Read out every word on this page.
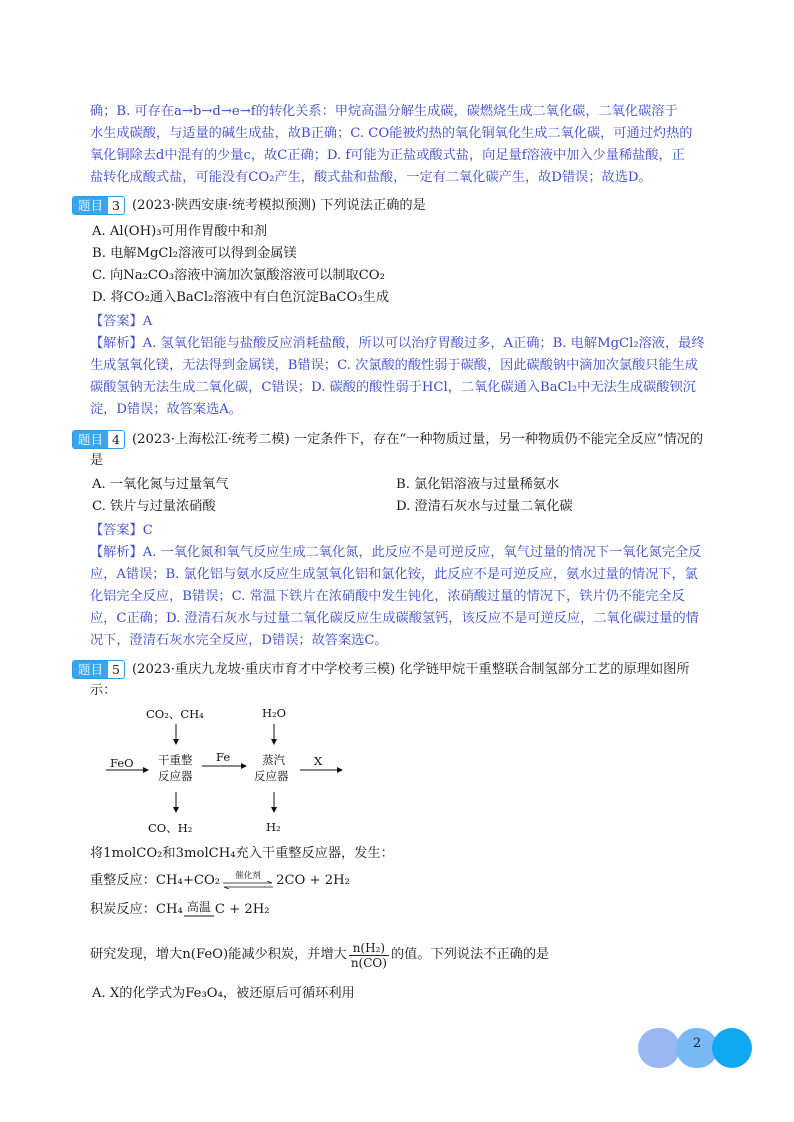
确；B. 可存在a→b→d→e→f的转化关系：甲烷高温分解生成碳，碳燃烧生成二氧化碳，二氧化碳溶于
水生成碳酸，与适量的碱生成盐，故B正确；C. CO能被灼热的氧化铜氧化生成二氧化碳，可通过灼热的
氧化铜除去d中混有的少量c，故C正确；D. f可能为正盐或酸式盐，向足量f溶液中加入少量稀盐酸，正
盐转化成酸式盐，可能没有CO₂产生，酸式盐和盐酸，一定有二氧化碳产生，故D错误；故选D。
题目 3 (2023·陕西安康·统考模拟预测) 下列说法正确的是
A. Al(OH)₃可用作胃酸中和剂
B. 电解MgCl₂溶液可以得到金属镁
C. 向Na₂CO₃溶液中滴加次氯酸溶液可以制取CO₂
D. 将CO₂通入BaCl₂溶液中有白色沉淀BaCO₃生成
【答案】A
【解析】A. 氢氧化铝能与盐酸反应消耗盐酸，所以可以治疗胃酸过多，A正确；B. 电解MgCl₂溶液，最终
生成氢氧化镁，无法得到金属镁，B错误；C. 次氯酸的酸性弱于碳酸，因此碳酸钠中滴加次氯酸只能生成
碳酸氢钠无法生成二氧化碳，C错误；D. 碳酸的酸性弱于HCl，二氧化碳通入BaCl₂中无法生成碳酸钡沉
淀，D错误；故答案选A。
题目 4 (2023·上海松江·统考二模) 一定条件下，存在“一种物质过量，另一种物质仍不能完全反应”情况的
是
A. 一氧化氮与过量氧气	B. 氯化铝溶液与过量稀氨水
C. 铁片与过量浓硝酸	D. 澄清石灰水与过量二氧化碳
【答案】C
【解析】A. 一氧化氮和氧气反应生成二氧化氮，此反应不是可逆反应，氧气过量的情况下一氧化氮完全反
应，A错误；B. 氯化铝与氨水反应生成氢氧化铝和氯化铵，此反应不是可逆反应，氨水过量的情况下，氯
化铝完全反应，B错误；C. 常温下铁片在浓硝酸中发生钝化，浓硝酸过量的情况下，铁片仍不能完全反
应，C正确；D. 澄清石灰水与过量二氧化碳反应生成碳酸氢钙，该反应不是可逆反应，二氧化碳过量的情
况下，澄清石灰水完全反应，D错误；故答案选C。
题目 5 (2023·重庆九龙坡·重庆市育才中学校考三模) 化学链甲烷干重整联合制氢部分工艺的原理如图所
示：
CO₂、CH₄	H₂O
FeO 干重整
反应器
Fe	蒸汽
反应器
X
CO、H₂	H₂
将1molCO₂和3molCH₄充入干重整反应器，发生：
重整反应：CH₄+CO₂ 催化剂 2CO + 2H₂
积炭反应：CH₄ 高温 C + 2H₂
研究发现，增大n(FeO)能减少积炭，并增大 $\frac{\text{n(H₂)}}{n(CO)}$ 的值。下列说法不正确的是
A. X的化学式为Fe₃O₄，被还原后可循环利用
2
